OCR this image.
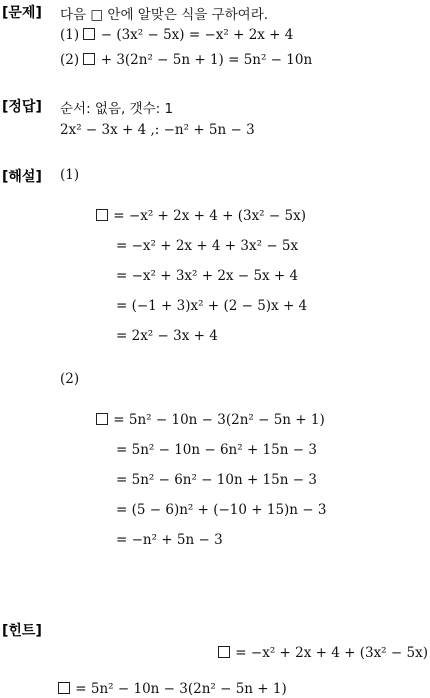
[문제] 다음 □ 안에 알맞은 식을 구하여라.
(1) − (3x² − 5x) = −x² + 2x + 4
(2) + 3(2n² − 5n + 1) = 5n² − 10n
[정답] 순서: 없음, 갯수: 1
2x² − 3x + 4 ,: −n² + 5n − 3
[해설] (1)
= −x² + 2x + 4 + (3x² − 5x)
= −x² + 2x + 4 + 3x² − 5x
= −x² + 3x² + 2x − 5x + 4
= (−1 + 3)x² + (2 − 5)x + 4
= 2x² − 3x + 4
(2)
= 5n² − 10n − 3(2n² − 5n + 1)
= 5n² − 10n − 6n² + 15n − 3
= 5n² − 6n² − 10n + 15n − 3
= (5 − 6)n² + (−10 + 15)n − 3
= −n² + 5n − 3
[힌트]
= −x² + 2x + 4 + (3x² − 5x)
= 5n² − 10n − 3(2n² − 5n + 1)
